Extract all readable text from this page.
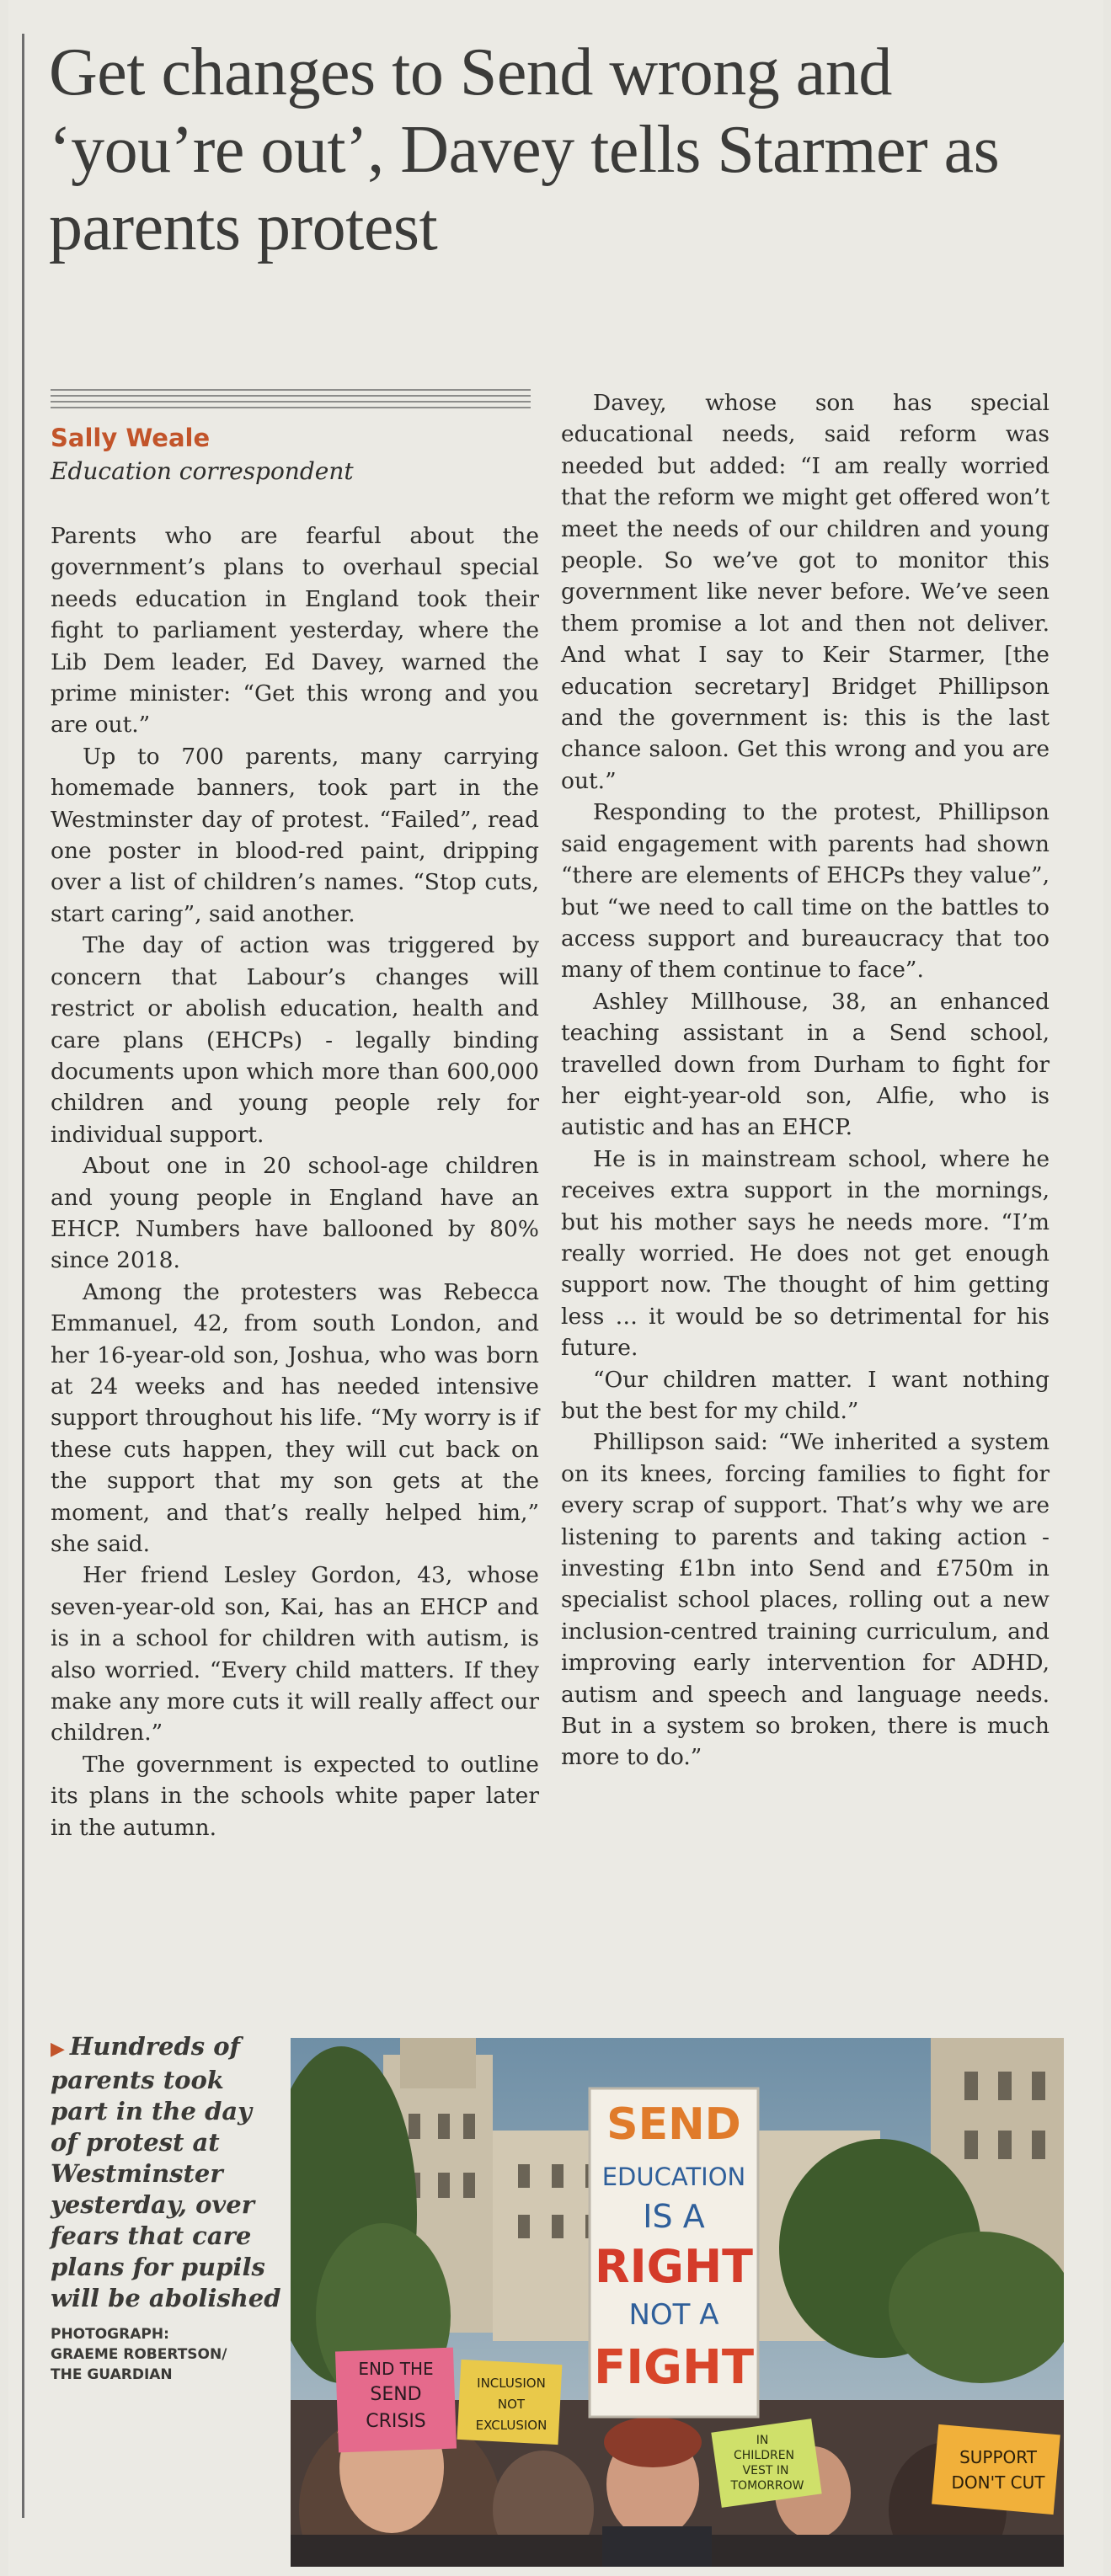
Get changes to Send wrong and ‘you’re out’, Davey tells Starmer as parents protest
Sally Weale
Education correspondent

Parents who are fearful about the government’s plans to overhaul special needs education in England took their fight to parliament yesterday, where the Lib Dem leader, Ed Davey, warned the prime minister: “Get this wrong and you are out.”

Up to 700 parents, many carrying homemade banners, took part in the Westminster day of protest. “Failed”, read one poster in blood-red paint, dripping over a list of children’s names. “Stop cuts, start caring”, said another.

The day of action was triggered by concern that Labour’s changes will restrict or abolish education, health and care plans (EHCPs) - legally binding documents upon which more than 600,000 children and young people rely for individual support.

About one in 20 school-age children and young people in England have an EHCP. Numbers have ballooned by 80% since 2018.

Among the protesters was Rebecca Emmanuel, 42, from south London, and her 16-year-old son, Joshua, who was born at 24 weeks and has needed intensive support throughout his life. “My worry is if these cuts happen, they will cut back on the support that my son gets at the moment, and that’s really helped him,” she said.

Her friend Lesley Gordon, 43, whose seven-year-old son, Kai, has an EHCP and is in a school for children with autism, is also worried. “Every child matters. If they make any more cuts it will really affect our children.”

The government is expected to outline its plans in the schools white paper later in the autumn.

Davey, whose son has special educational needs, said reform was needed but added: “I am really worried that the reform we might get offered won’t meet the needs of our children and young people. So we’ve got to monitor this government like never before. We’ve seen them promise a lot and then not deliver. And what I say to Keir Starmer, [the education secretary] Bridget Phillipson and the government is: this is the last chance saloon. Get this wrong and you are out.”

Responding to the protest, Phillipson said engagement with parents had shown “there are elements of EHCPs they value”, but “we need to call time on the battles to access support and bureaucracy that too many of them continue to face”.

Ashley Millhouse, 38, an enhanced teaching assistant in a Send school, travelled down from Durham to fight for her eight-year-old son, Alfie, who is autistic and has an EHCP.

He is in mainstream school, where he receives extra support in the mornings, but his mother says he needs more. “I’m really worried. He does not get enough support now. The thought of him getting less … it would be so detrimental for his future.

“Our children matter. I want nothing but the best for my child.”

Phillipson said: “We inherited a system on its knees, forcing families to fight for every scrap of support. That’s why we are listening to parents and taking action - investing £1bn into Send and £750m in specialist school places, rolling out a new inclusion-centred training curriculum, and improving early intervention for ADHD, autism and speech and language needs. But in a system so broken, there is much more to do.”

▶ Hundreds of parents took part in the day of protest at Westminster yesterday, over fears that care plans for pupils will be abolished
PHOTOGRAPH:
GRAEME ROBERTSON/
THE GUARDIAN	END THE
SEND
CRISIS
INCLUSION
NOT
EXCLUSION
SEND
EDUCATION
IS A
RIGHT
NOT A
FIGHT
IN
CHILDREN
VEST IN
TOMORROW
SUPPORT
DON'T CUT
